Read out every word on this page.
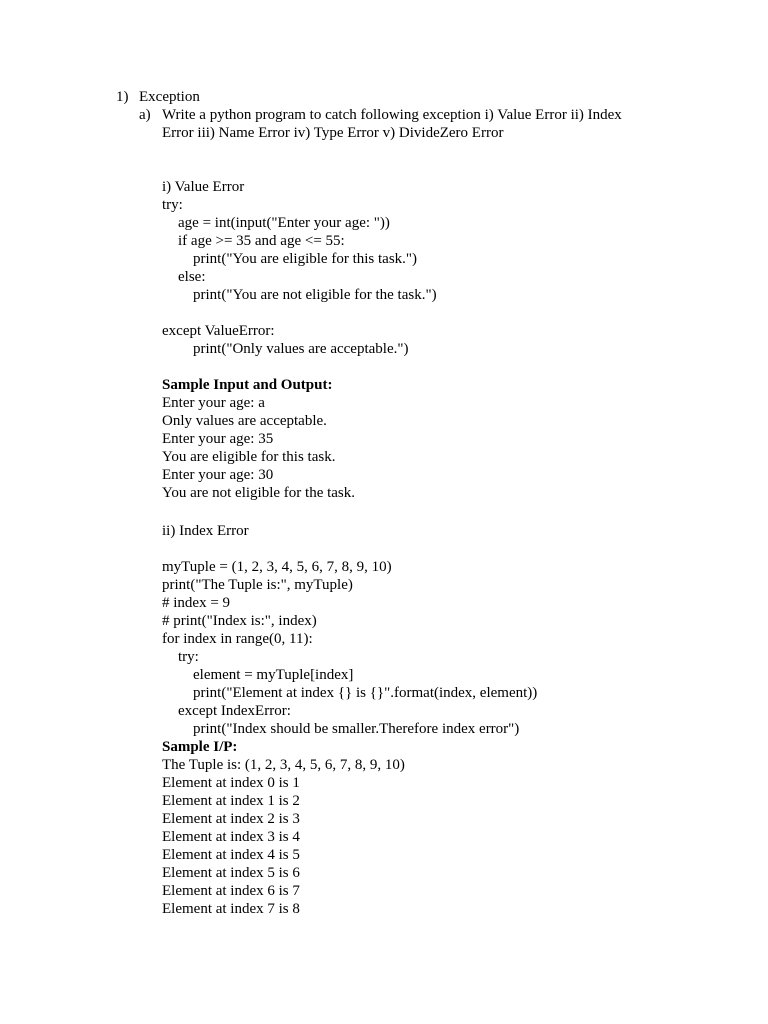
1) Exception
a) Write a python program to catch following exception i) Value Error ii) Index
Error iii) Name Error iv) Type Error v) DivideZero Error
i) Value Error
try:
age = int(input("Enter your age: "))
if age >= 35 and age <= 55:
print("You are eligible for this task.")
else:
print("You are not eligible for the task.")
except ValueError:
print("Only values are acceptable.")
Sample Input and Output:
Enter your age: a
Only values are acceptable.
Enter your age: 35
You are eligible for this task.
Enter your age: 30
You are not eligible for the task.
ii) Index Error
myTuple = (1, 2, 3, 4, 5, 6, 7, 8, 9, 10)
print("The Tuple is:", myTuple)
# index = 9
# print("Index is:", index)
for index in range(0, 11):
try:
element = myTuple[index]
print("Element at index {} is {}".format(index, element))
except IndexError:
print("Index should be smaller.Therefore index error")
Sample I/P:
The Tuple is: (1, 2, 3, 4, 5, 6, 7, 8, 9, 10)
Element at index 0 is 1
Element at index 1 is 2
Element at index 2 is 3
Element at index 3 is 4
Element at index 4 is 5
Element at index 5 is 6
Element at index 6 is 7
Element at index 7 is 8
